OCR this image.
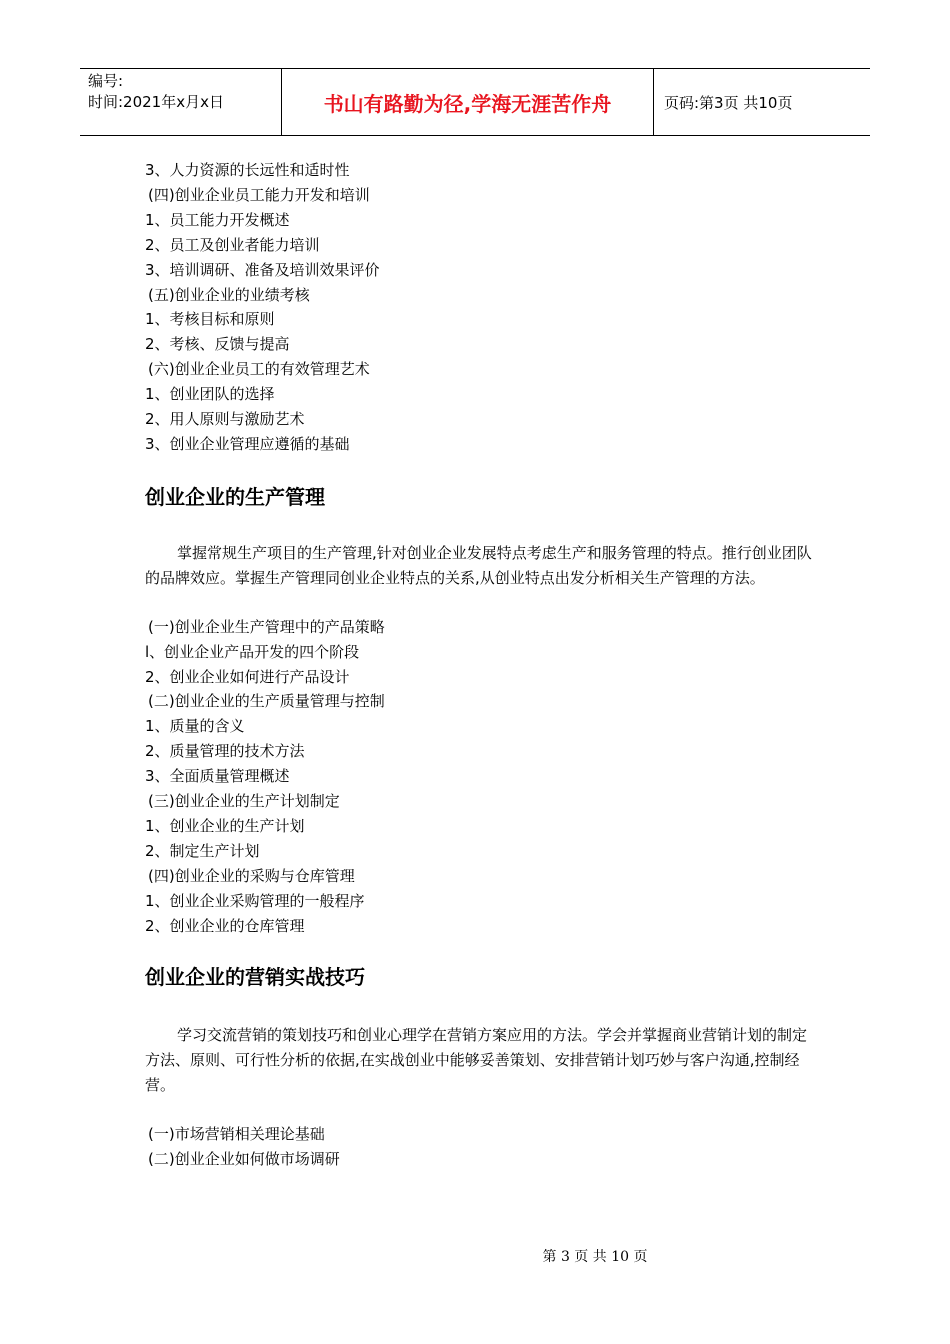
编号:
时间:2021年x月x日	书山有路勤为径,学海无涯苦作舟	页码:第3页 共10页
3、人力资源的长远性和适时性
(四)创业企业员工能力开发和培训
1、员工能力开发概述
2、员工及创业者能力培训
3、培训调研、准备及培训效果评价
(五)创业企业的业绩考核
1、考核目标和原则
2、考核、反馈与提高
(六)创业企业员工的有效管理艺术
1、创业团队的选择
2、用人原则与激励艺术
3、创业企业管理应遵循的基础
创业企业的生产管理
掌握常规生产项目的生产管理,针对创业企业发展特点考虑生产和服务管理的特点。推行创业团队的品牌效应。掌握生产管理同创业企业特点的关系,从创业特点出发分析相关生产管理的方法。
(一)创业企业生产管理中的产品策略
l、创业企业产品开发的四个阶段
2、创业企业如何进行产品设计
(二)创业企业的生产质量管理与控制
1、质量的含义
2、质量管理的技术方法
3、全面质量管理概述
(三)创业企业的生产计划制定
1、创业企业的生产计划
2、制定生产计划
(四)创业企业的采购与仓库管理
1、创业企业采购管理的一般程序
2、创业企业的仓库管理
创业企业的营销实战技巧
学习交流营销的策划技巧和创业心理学在营销方案应用的方法。学会并掌握商业营销计划的制定方法、原则、可行性分析的依据,在实战创业中能够妥善策划、安排营销计划巧妙与客户沟通,控制经营。
(一)市场营销相关理论基础
(二)创业企业如何做市场调研
第 3 页 共 10 页
